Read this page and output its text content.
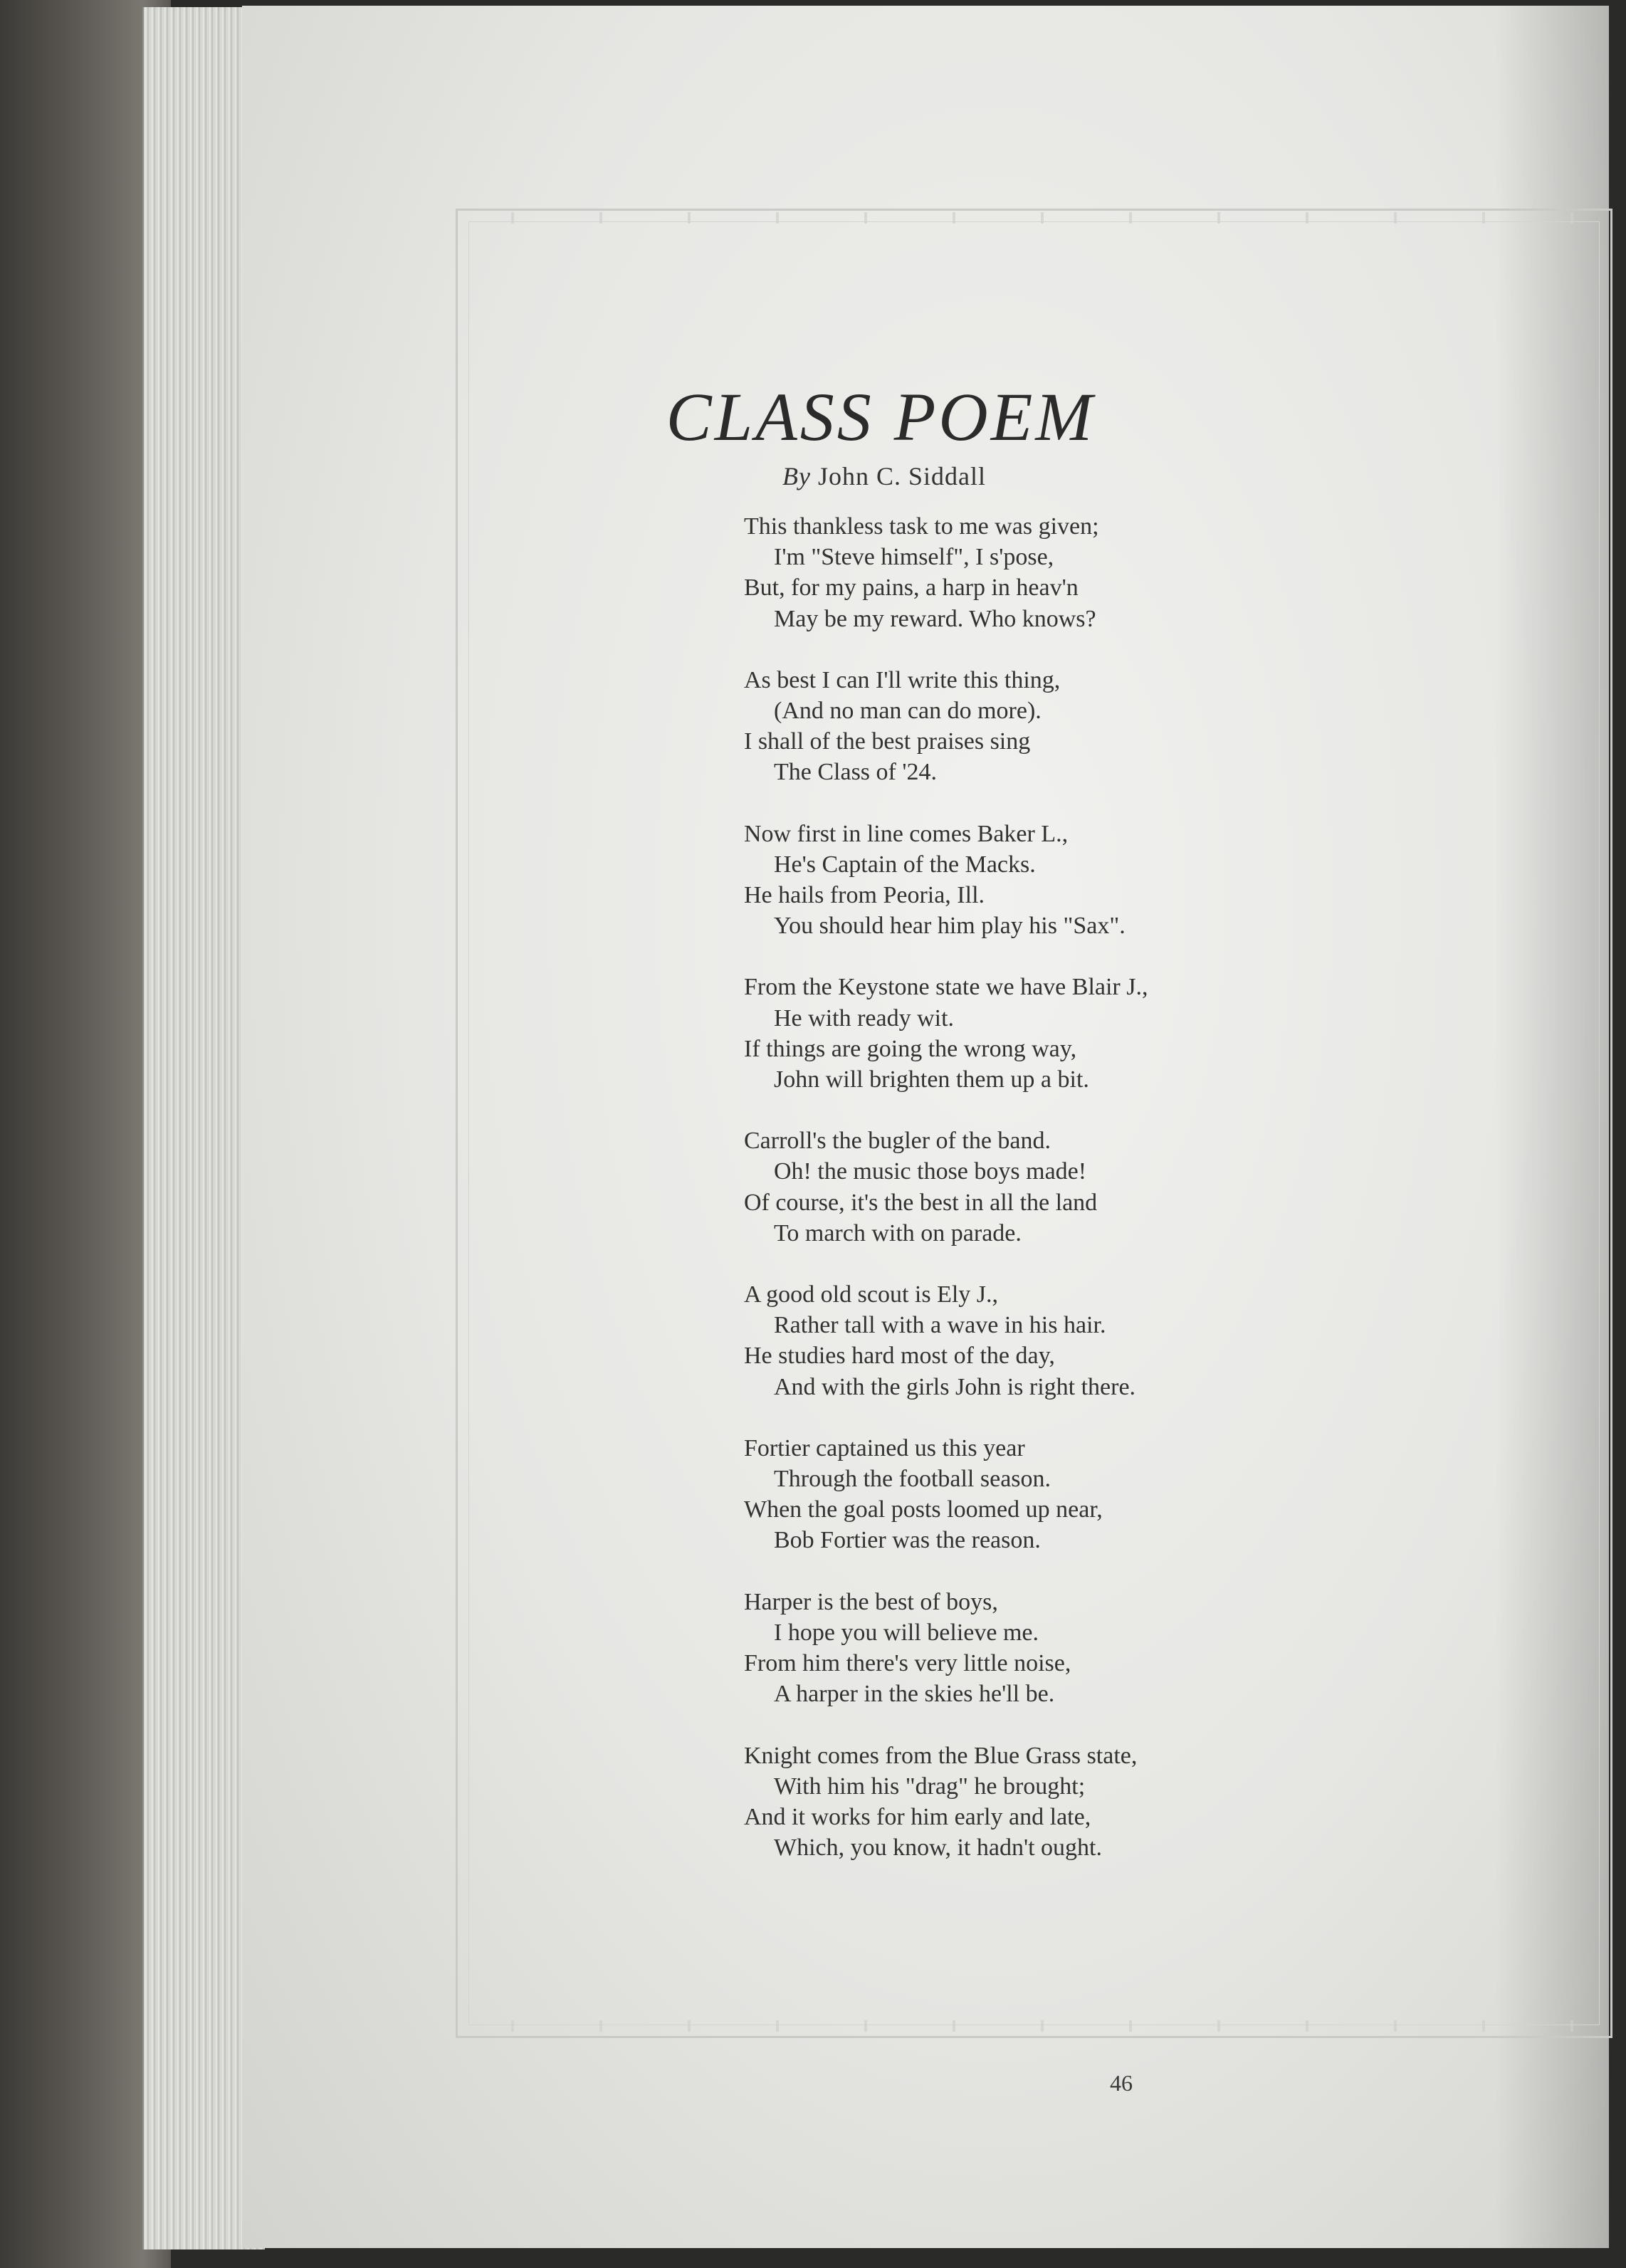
CLASS POEM
By John C. Siddall
This thankless task to me was given;
I'm "Steve himself", I s'pose,
But, for my pains, a harp in heav'n
May be my reward. Who knows?
As best I can I'll write this thing,
(And no man can do more).
I shall of the best praises sing
The Class of '24.
Now first in line comes Baker L.,
He's Captain of the Macks.
He hails from Peoria, Ill.
You should hear him play his "Sax".
From the Keystone state we have Blair J.,
He with ready wit.
If things are going the wrong way,
John will brighten them up a bit.
Carroll's the bugler of the band.
Oh! the music those boys made!
Of course, it's the best in all the land
To march with on parade.
A good old scout is Ely J.,
Rather tall with a wave in his hair.
He studies hard most of the day,
And with the girls John is right there.
Fortier captained us this year
Through the football season.
When the goal posts loomed up near,
Bob Fortier was the reason.
Harper is the best of boys,
I hope you will believe me.
From him there's very little noise,
A harper in the skies he'll be.
Knight comes from the Blue Grass state,
With him his "drag" he brought;
And it works for him early and late,
Which, you know, it hadn't ought.
46
